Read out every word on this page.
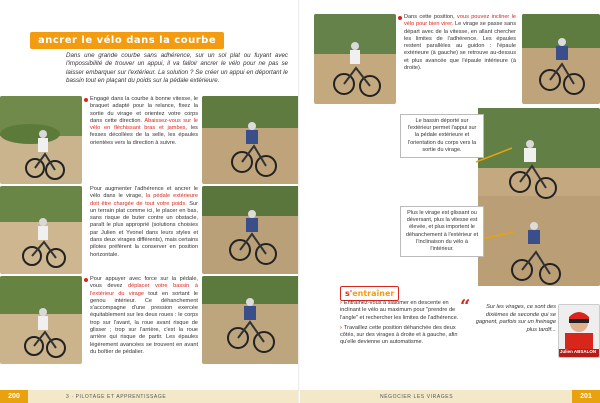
ancrer le vélo dans la courbe
Dans une grande courbe sans adhérence, sur un sol plat ou fuyant avec l'impossibilité de trouver un appui, il va falloir ancrer le vélo pour ne pas se laisser embarquer sur l'extérieur. La solution ? Se créer un appui en déportant le bassin tout en plaçant du poids sur la pédale extérieure.
Engagé dans la courbe à bonne vitesse, le braquet adapté pour la relance, fixez la sortie du virage et orientez votre corps dans cette direction. Abaissez-vous sur le vélo en fléchissant bras et jambes, les fesses décollées de la selle, les épaules orientées vers la direction à suivre.
Pour augmenter l'adhérence et ancrer le vélo dans le virage, la pédale extérieure doit être chargée de tout votre poids. Sur un terrain plat comme ici, le placer en bas, sans risque de buter contre un obstacle, paraît le plus approprié (solutions choisies par Julien et Yvonel dans leurs styles et dans deux virages différents), mais certains pilotes préfèrent la conserver en position horizontale.
Pour appuyer avec force sur la pédale, vous devez déplacer votre bassin à l'extérieur du virage tout en sortant le genou intérieur. Ce déhanchement s'accompagne d'une pression exercée équitablement sur les deux roues : le corps trop sur l'avant, la roue avant risque de glisser ; trop sur l'arrière, c'est la roue arrière qui risque de partir. Les épaules légèrement avancées se trouvent en avant du boîtier de pédalier.
200	3 · PILOTAGE ET APPRENTISSAGE
Dans cette position, vous pouvez incliner le vélo pour bien virer. Le virage se passe sans départ avec de la vitesse, en allant chercher les limites de l'adhérence. Les épaules restent parallèles au guidon : l'épaule extérieure (à gauche) se retrouve au-dessus et plus avancée que l'épaule intérieure (à droite).
Le bassin déporté sur l'extérieur permet l'appui sur la pédale extérieure et l'orientation du corps vers la sortie du virage.
Plus le virage est glissant ou déversant, plus la vitesse est élevée, et plus importent le déhanchement à l'extérieur et l'inclinaison du vélo à l'intérieur.
s'entraîner

› Entraînez-vous à slalomer en descente en inclinant le vélo au maximum pour "prendre de l'angle" et rechercher les limites de l'adhérence.

› Travaillez cette position déhanchée des deux côtés, sur des virages à droite et à gauche, afin qu'elle devienne un automatisme.

“	Sur les virages, ce sont des dixièmes de seconde qui se gagnent, parfois sur un freinage plus tardif...
Julien ABSALON
201
NÉGOCIER LES VIRAGES
